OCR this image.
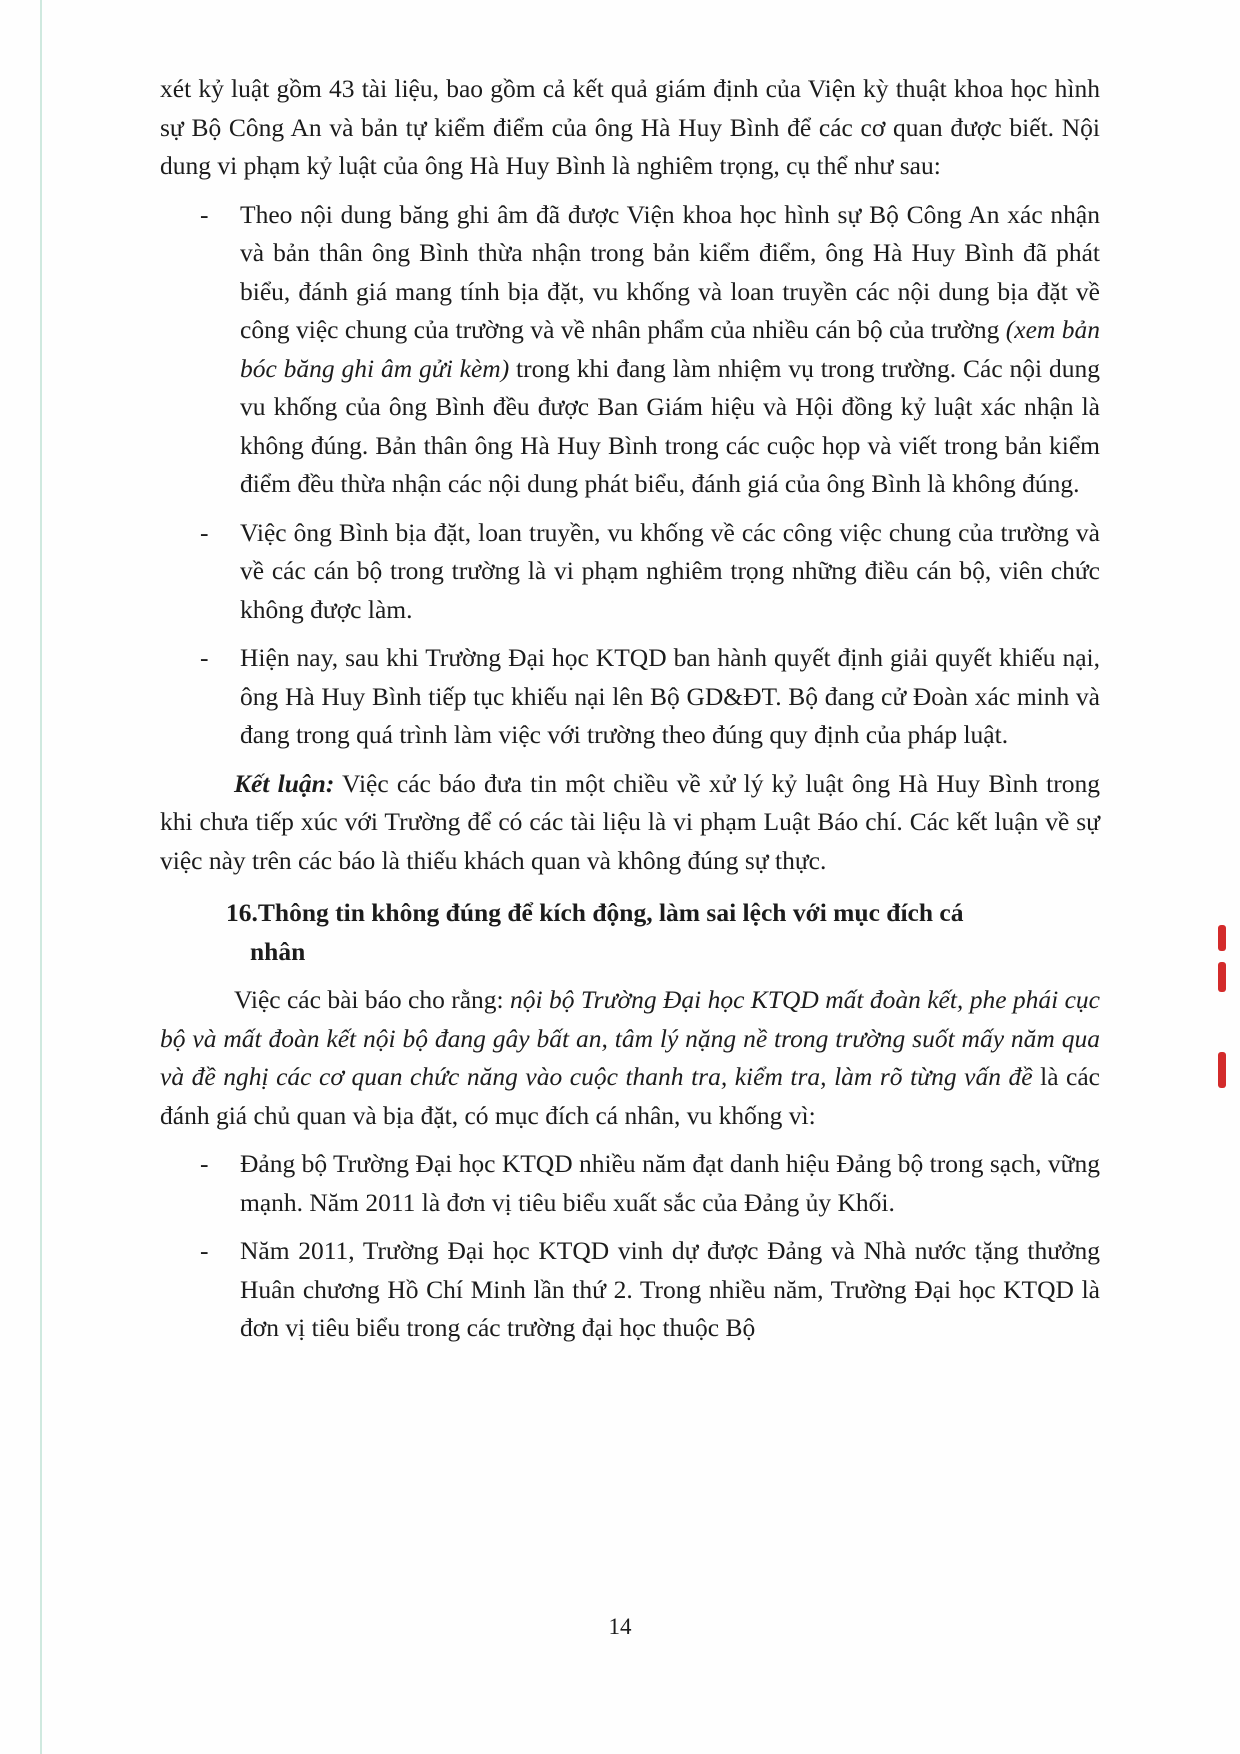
xét kỷ luật gồm 43 tài liệu, bao gồm cả kết quả giám định của Viện kỳ thuật khoa học hình sự Bộ Công An và bản tự kiểm điểm của ông Hà Huy Bình để các cơ quan được biết. Nội dung vi phạm kỷ luật của ông Hà Huy Bình là nghiêm trọng, cụ thể như sau:

- Theo nội dung băng ghi âm đã được Viện khoa học hình sự Bộ Công An xác nhận và bản thân ông Bình thừa nhận trong bản kiểm điểm, ông Hà Huy Bình đã phát biểu, đánh giá mang tính bịa đặt, vu khống và loan truyền các nội dung bịa đặt về công việc chung của trường và về nhân phẩm của nhiều cán bộ của trường (xem bản bóc băng ghi âm gửi kèm) trong khi đang làm nhiệm vụ trong trường. Các nội dung vu khống của ông Bình đều được Ban Giám hiệu và Hội đồng kỷ luật xác nhận là không đúng. Bản thân ông Hà Huy Bình trong các cuộc họp và viết trong bản kiểm điểm đều thừa nhận các nội dung phát biểu, đánh giá của ông Bình là không đúng.
- Việc ông Bình bịa đặt, loan truyền, vu khống về các công việc chung của trường và về các cán bộ trong trường là vi phạm nghiêm trọng những điều cán bộ, viên chức không được làm.
- Hiện nay, sau khi Trường Đại học KTQD ban hành quyết định giải quyết khiếu nại, ông Hà Huy Bình tiếp tục khiếu nại lên Bộ GD&ĐT. Bộ đang cử Đoàn xác minh và đang trong quá trình làm việc với trường theo đúng quy định của pháp luật.

Kết luận: Việc các báo đưa tin một chiều về xử lý kỷ luật ông Hà Huy Bình trong khi chưa tiếp xúc với Trường để có các tài liệu là vi phạm Luật Báo chí. Các kết luận về sự việc này trên các báo là thiếu khách quan và không đúng sự thực.

16.Thông tin không đúng để kích động, làm sai lệch với mục đích cá
nhân

Việc các bài báo cho rằng: nội bộ Trường Đại học KTQD mất đoàn kết, phe phái cục bộ và mất đoàn kết nội bộ đang gây bất an, tâm lý nặng nề trong trường suốt mấy năm qua và đề nghị các cơ quan chức năng vào cuộc thanh tra, kiểm tra, làm rõ từng vấn đề là các đánh giá chủ quan và bịa đặt, có mục đích cá nhân, vu khống vì:

- Đảng bộ Trường Đại học KTQD nhiều năm đạt danh hiệu Đảng bộ trong sạch, vững mạnh. Năm 2011 là đơn vị tiêu biểu xuất sắc của Đảng ủy Khối.
- Năm 2011, Trường Đại học KTQD vinh dự được Đảng và Nhà nước tặng thưởng Huân chương Hồ Chí Minh lần thứ 2. Trong nhiều năm, Trường Đại học KTQD là đơn vị tiêu biểu trong các trường đại học thuộc Bộ
14
